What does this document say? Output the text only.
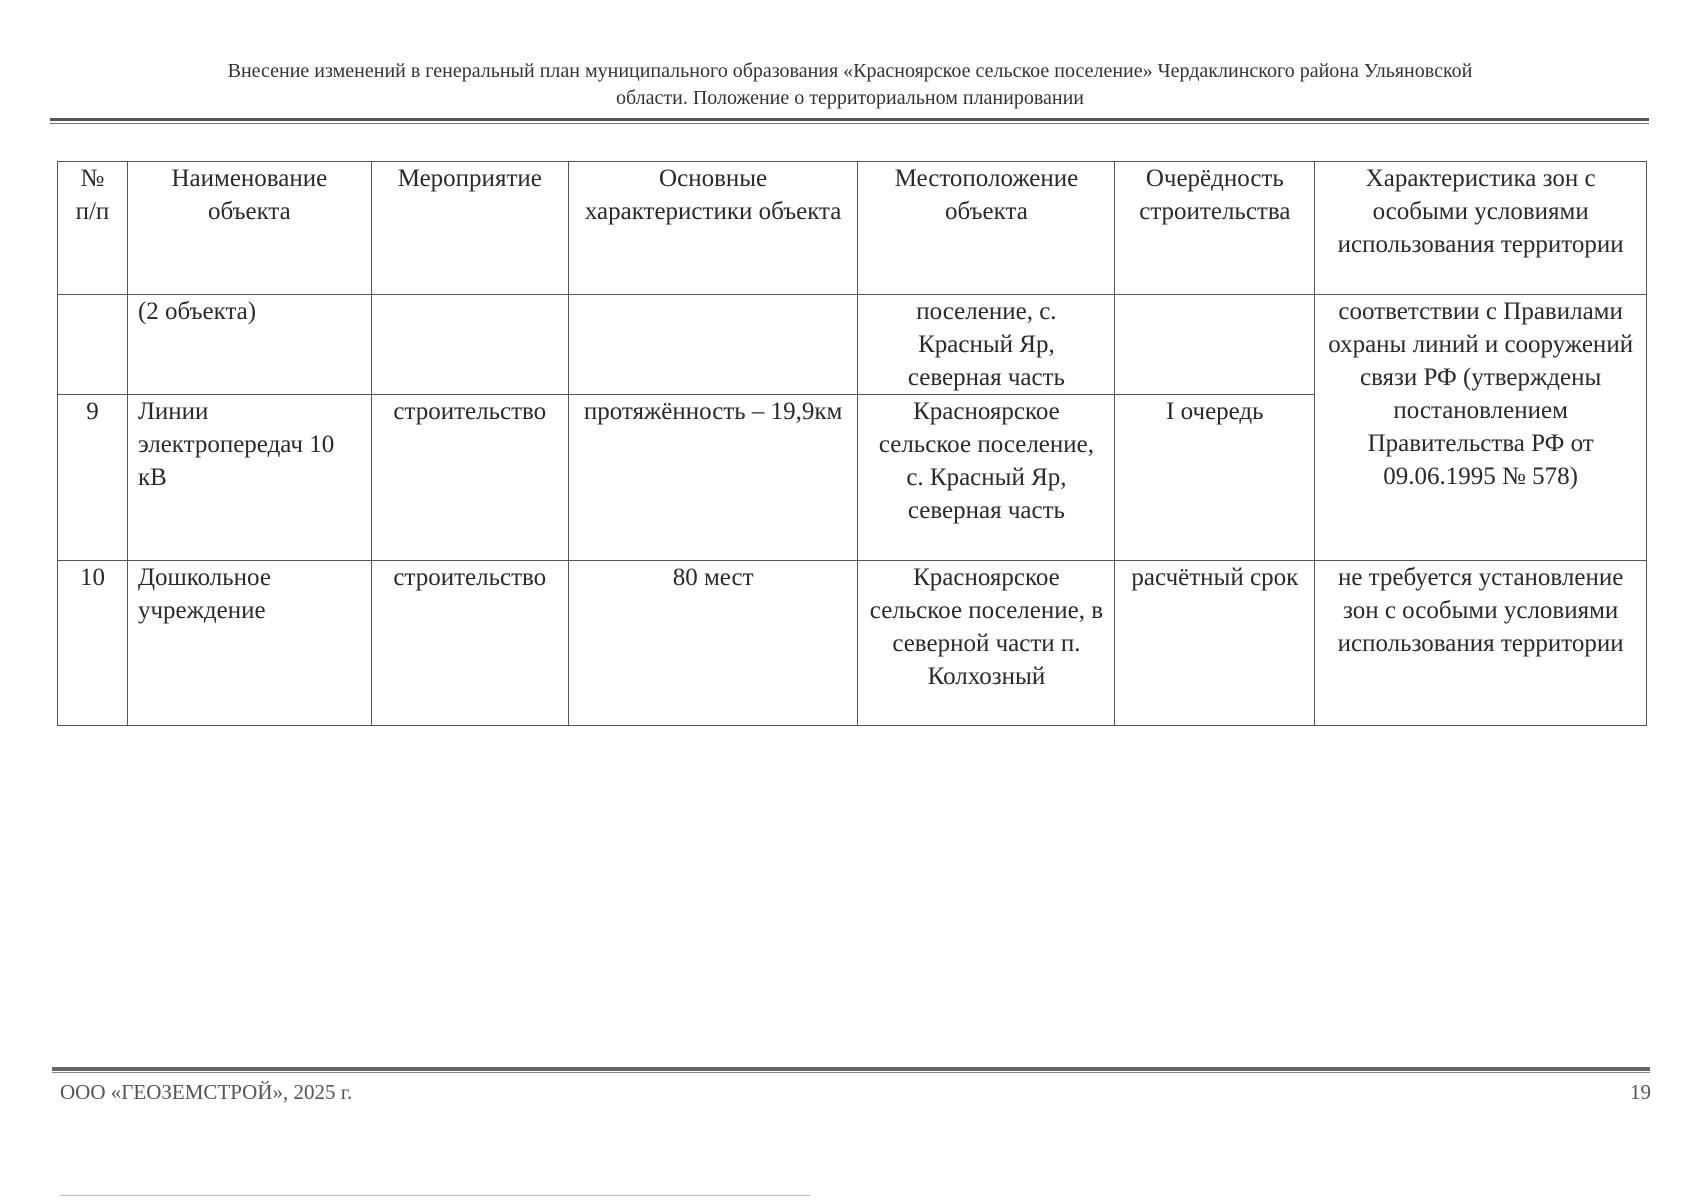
Внесение изменений в генеральный план муниципального образования «Красноярское сельское поселение» Чердаклинского района Ульяновской
области. Положение о территориальном планировании
№ п/п	Наименование объекта	Мероприятие	Основные характеристики объекта	Местоположение объекта	Очерёдность строительства	Характеристика зон с особыми условиями использования территории
	(2 объекта)			поселение, с. Красный Яр, северная часть		соответствии с Правилами охраны линий и сооружений связи РФ (утверждены постановлением Правительства РФ от 09.06.1995 № 578)
9	Линии электропередач 10 кВ	строительство	протяжённость – 19,9км	Красноярское сельское поселение, с. Красный Яр, северная часть	I очередь	
10	Дошкольное учреждение	строительство	80 мест	Красноярское сельское поселение, в северной части п. Колхозный	расчётный срок	не требуется установление зон с особыми условиями использования территории
ООО «ГЕОЗЕМСТРОЙ», 2025 г.	19
